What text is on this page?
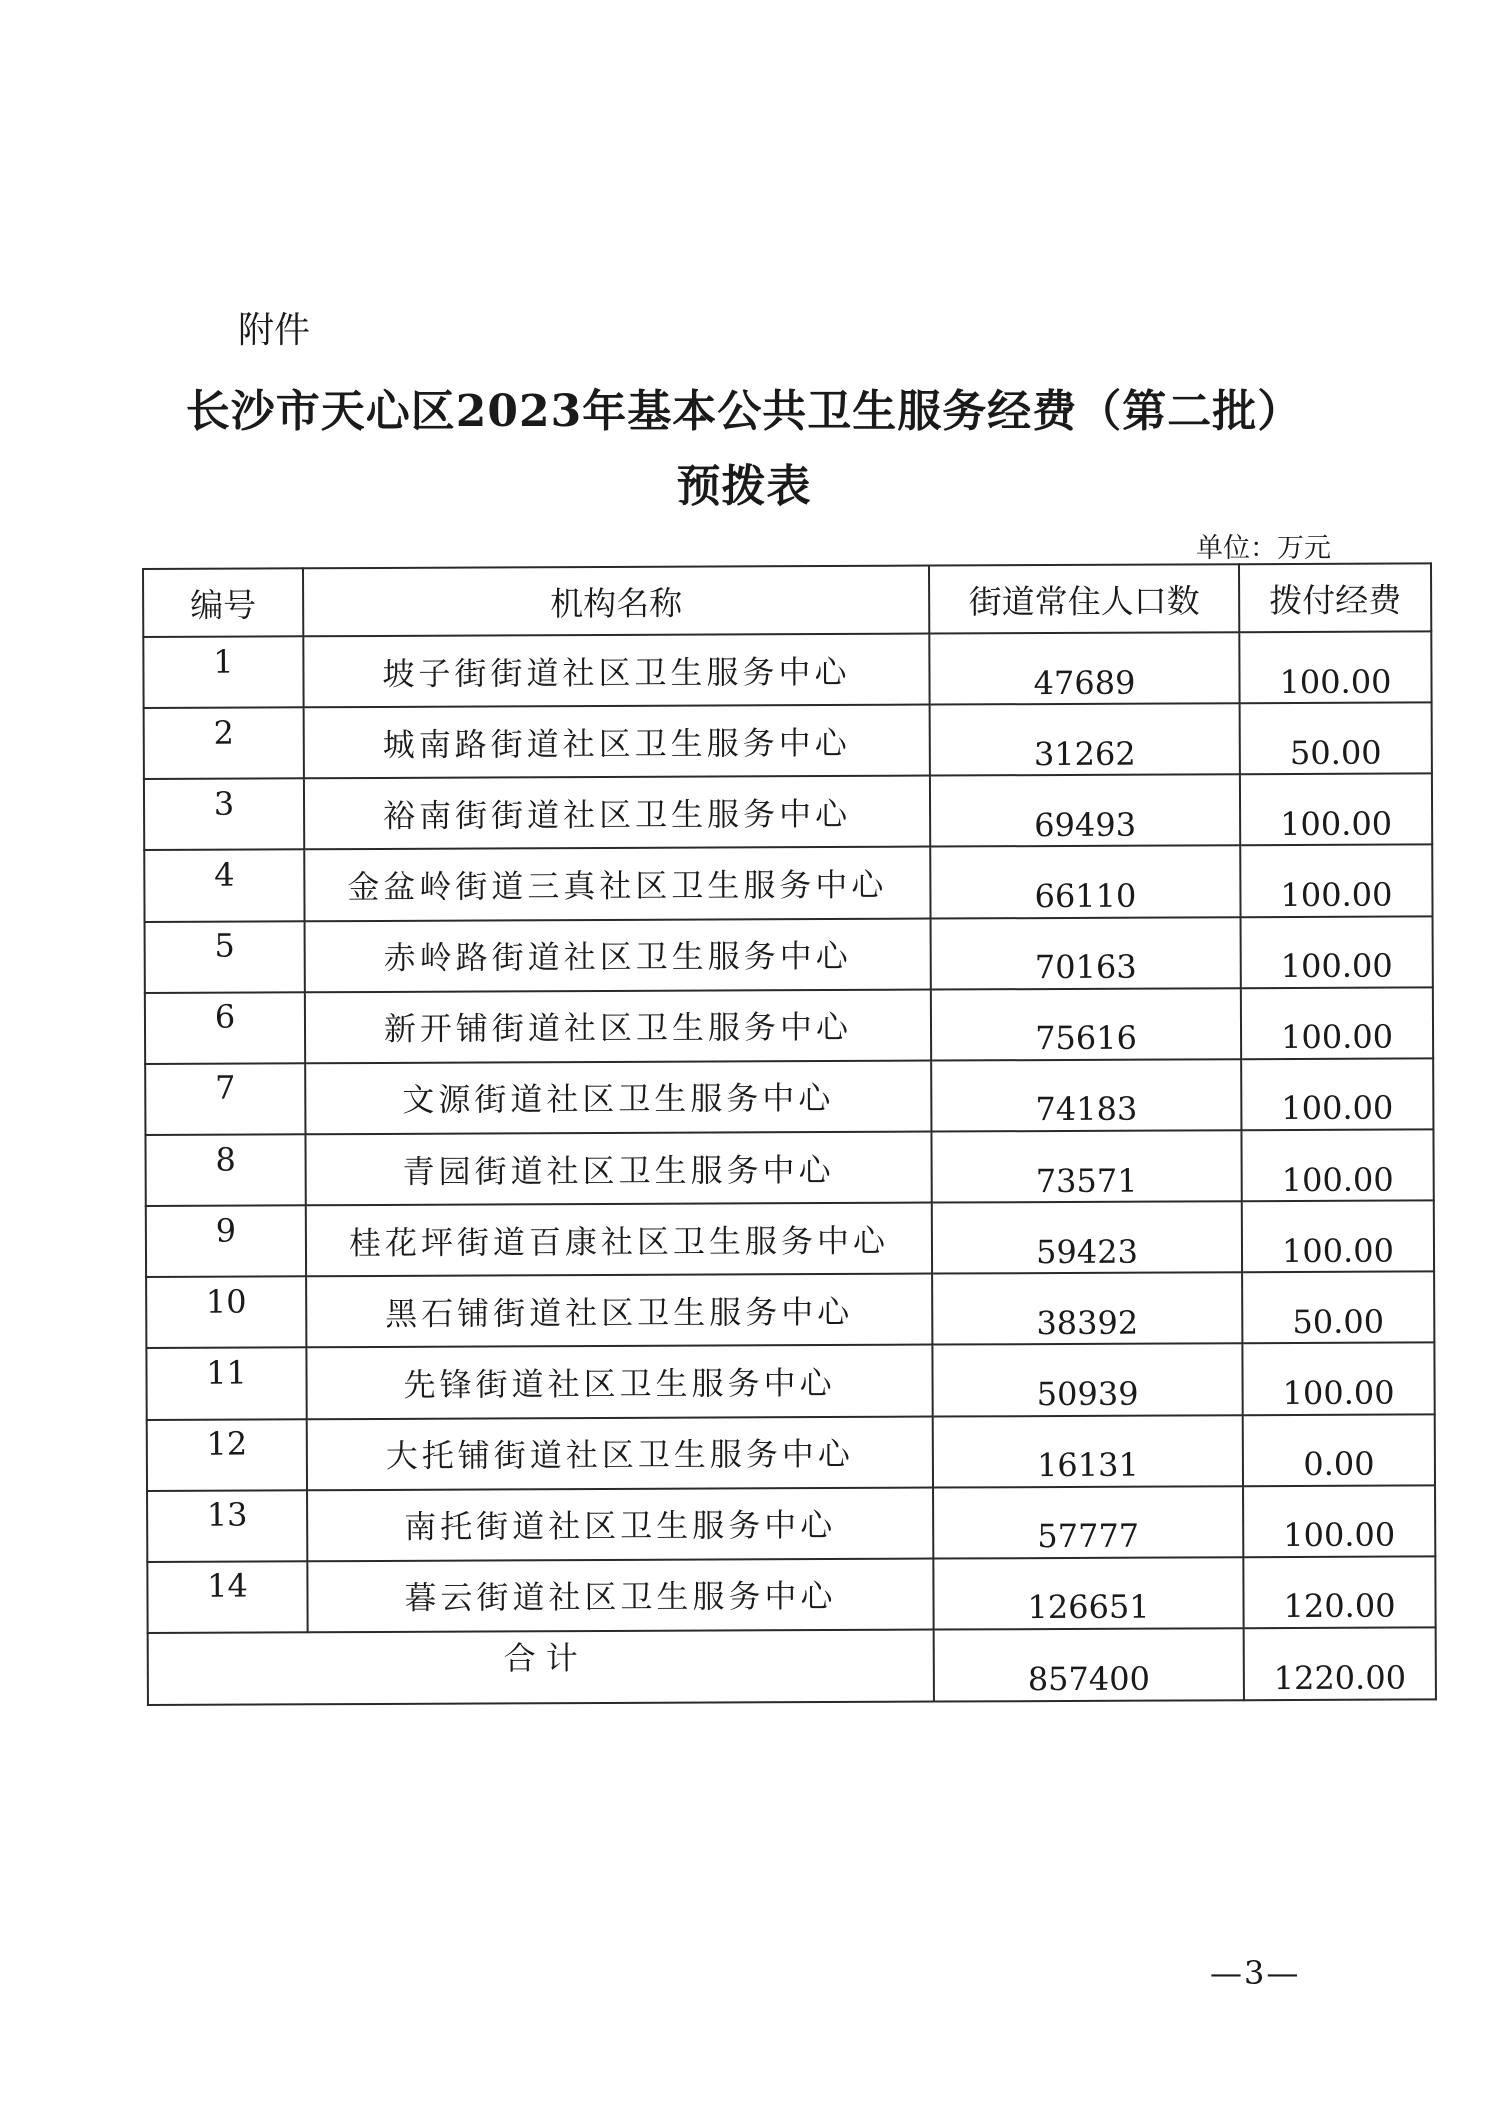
附件
长沙市天心区2023年基本公共卫生服务经费（第二批）
预拨表
单位：万元
编号	机构名称	街道常住人口数	拨付经费
1	坡子街街道社区卫生服务中心	47689	100.00
2	城南路街道社区卫生服务中心	31262	50.00
3	裕南街街道社区卫生服务中心	69493	100.00
4	金盆岭街道三真社区卫生服务中心	66110	100.00
5	赤岭路街道社区卫生服务中心	70163	100.00
6	新开铺街道社区卫生服务中心	75616	100.00
7	文源街道社区卫生服务中心	74183	100.00
8	青园街道社区卫生服务中心	73571	100.00
9	桂花坪街道百康社区卫生服务中心	59423	100.00
10	黑石铺街道社区卫生服务中心	38392	50.00
11	先锋街道社区卫生服务中心	50939	100.00
12	大托铺街道社区卫生服务中心	16131	0.00
13	南托街道社区卫生服务中心	57777	100.00
14	暮云街道社区卫生服务中心	126651	120.00
合 计		857400	1220.00
—3—
